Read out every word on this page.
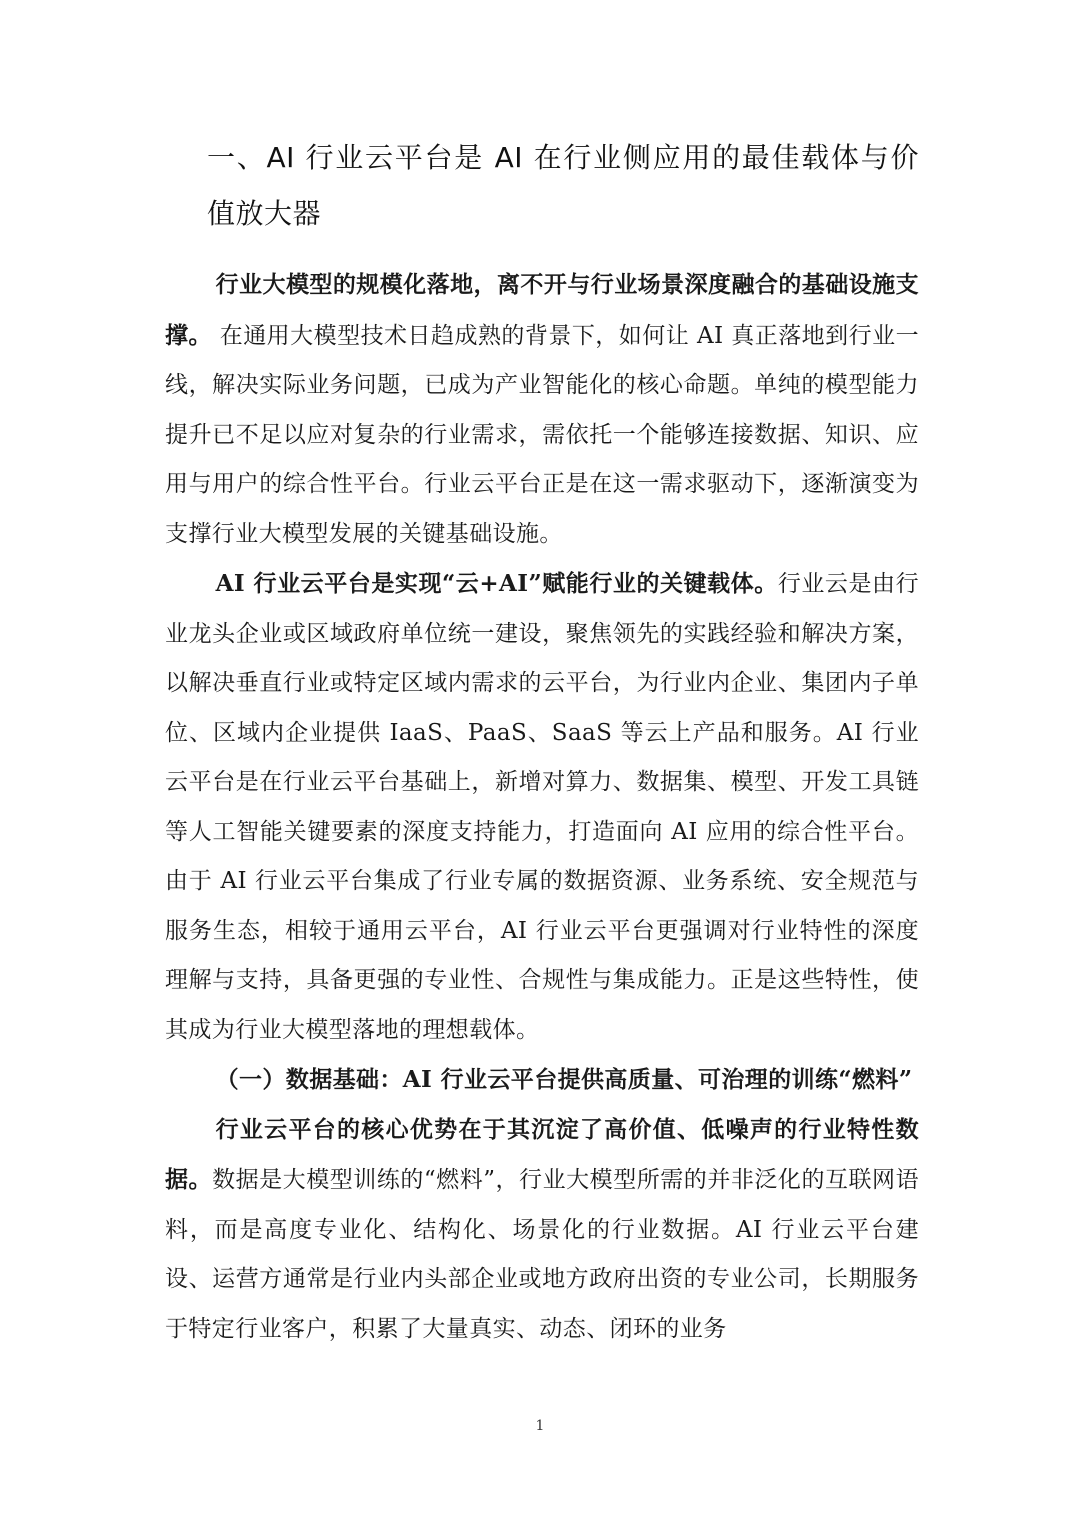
一、AI 行业云平台是 AI 在行业侧应用的最佳载体与价值放大器

行业大模型的规模化落地，离不开与行业场景深度融合的基础设施支撑。 在通用大模型技术日趋成熟的背景下，如何让 AI 真正落地到行业一线，解决实际业务问题，已成为产业智能化的核心命题。单纯的模型能力提升已不足以应对复杂的行业需求，需依托一个能够连接数据、知识、应用与用户的综合性平台。行业云平台正是在这一需求驱动下，逐渐演变为支撑行业大模型发展的关键基础设施。

AI 行业云平台是实现“云+AI”赋能行业的关键载体。行业云是由行业龙头企业或区域政府单位统一建设，聚焦领先的实践经验和解决方案，以解决垂直行业或特定区域内需求的云平台，为行业内企业、集团内子单位、区域内企业提供 IaaS、PaaS、SaaS 等云上产品和服务。AI 行业云平台是在行业云平台基础上，新增对算力、数据集、模型、开发工具链等人工智能关键要素的深度支持能力，打造面向 AI 应用的综合性平台。由于 AI 行业云平台集成了行业专属的数据资源、业务系统、安全规范与服务生态，相较于通用云平台，AI 行业云平台更强调对行业特性的深度理解与支持，具备更强的专业性、合规性与集成能力。正是这些特性，使其成为行业大模型落地的理想载体。

（一）数据基础：AI 行业云平台提供高质量、可治理的训练“燃料”

行业云平台的核心优势在于其沉淀了高价值、低噪声的行业特性数据。数据是大模型训练的“燃料”，行业大模型所需的并非泛化的互联网语料，而是高度专业化、结构化、场景化的行业数据。AI 行业云平台建设、运营方通常是行业内头部企业或地方政府出资的专业公司，长期服务于特定行业客户，积累了大量真实、动态、闭环的业务

1
